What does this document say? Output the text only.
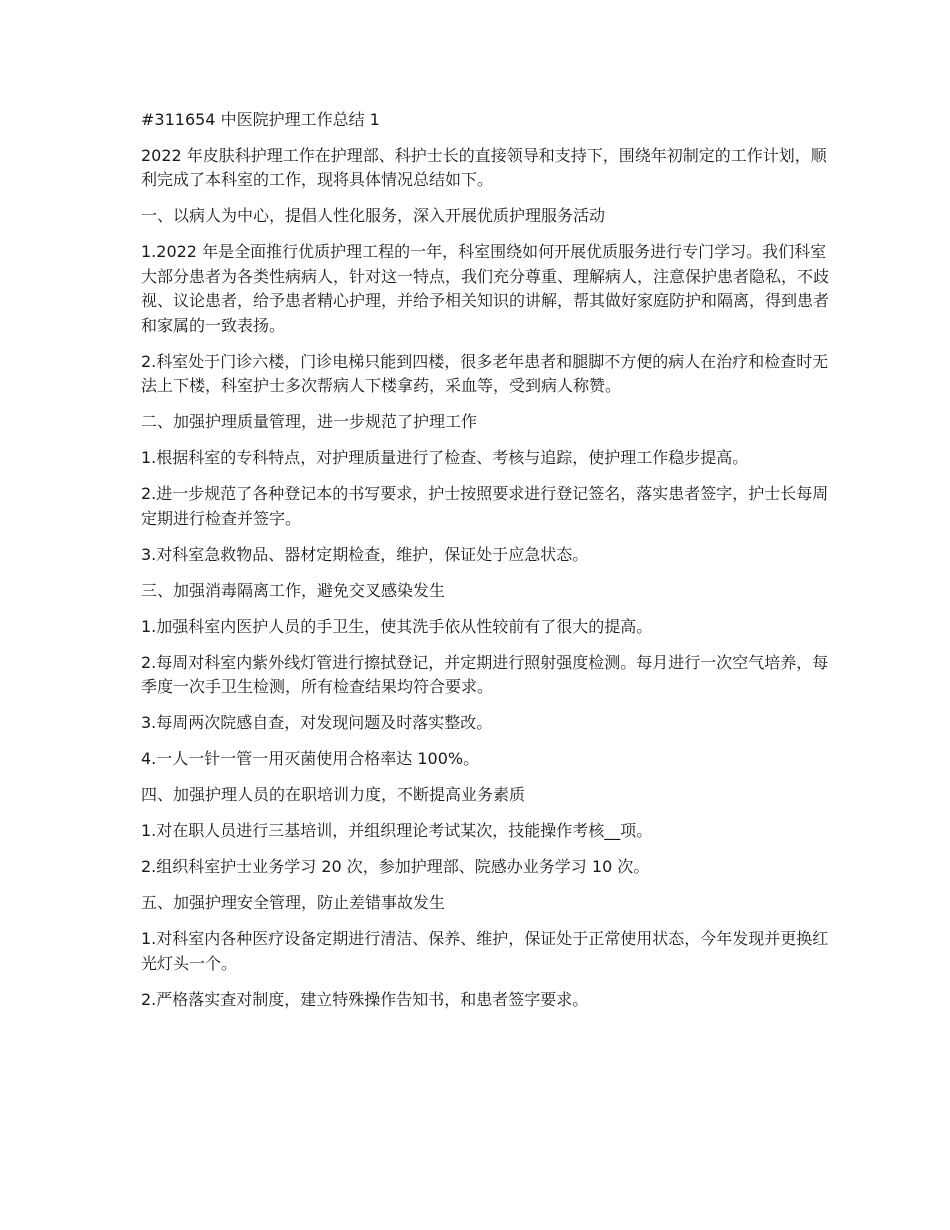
#311654 中医院护理工作总结 1

2022 年皮肤科护理工作在护理部、科护士长的直接领导和支持下，围绕年初制定的工作计划，顺利完成了本科室的工作，现将具体情况总结如下。

一、以病人为中心，提倡人性化服务，深入开展优质护理服务活动

1.2022 年是全面推行优质护理工程的一年，科室围绕如何开展优质服务进行专门学习。我们科室大部分患者为各类性病病人，针对这一特点，我们充分尊重、理解病人，注意保护患者隐私，不歧视、议论患者，给予患者精心护理，并给予相关知识的讲解，帮其做好家庭防护和隔离，得到患者和家属的一致表扬。

2.科室处于门诊六楼，门诊电梯只能到四楼，很多老年患者和腿脚不方便的病人在治疗和检查时无法上下楼，科室护士多次帮病人下楼拿药，采血等，受到病人称赞。

二、加强护理质量管理，进一步规范了护理工作

1.根据科室的专科特点，对护理质量进行了检查、考核与追踪，使护理工作稳步提高。

2.进一步规范了各种登记本的书写要求，护士按照要求进行登记签名，落实患者签字，护士长每周定期进行检查并签字。

3.对科室急救物品、器材定期检查，维护，保证处于应急状态。

三、加强消毒隔离工作，避免交叉感染发生

1.加强科室内医护人员的手卫生，使其洗手依从性较前有了很大的提高。

2.每周对科室内紫外线灯管进行擦拭登记，并定期进行照射强度检测。每月进行一次空气培养，每季度一次手卫生检测，所有检查结果均符合要求。

3.每周两次院感自查，对发现问题及时落实整改。

4.一人一针一管一用灭菌使用合格率达 100%。

四、加强护理人员的在职培训力度，不断提高业务素质

1.对在职人员进行三基培训，并组织理论考试某次，技能操作考核__项。

2.组织科室护士业务学习 20 次，参加护理部、院感办业务学习 10 次。

五、加强护理安全管理，防止差错事故发生

1.对科室内各种医疗设备定期进行清洁、保养、维护，保证处于正常使用状态，今年发现并更换红光灯头一个。

2.严格落实查对制度，建立特殊操作告知书，和患者签字要求。
